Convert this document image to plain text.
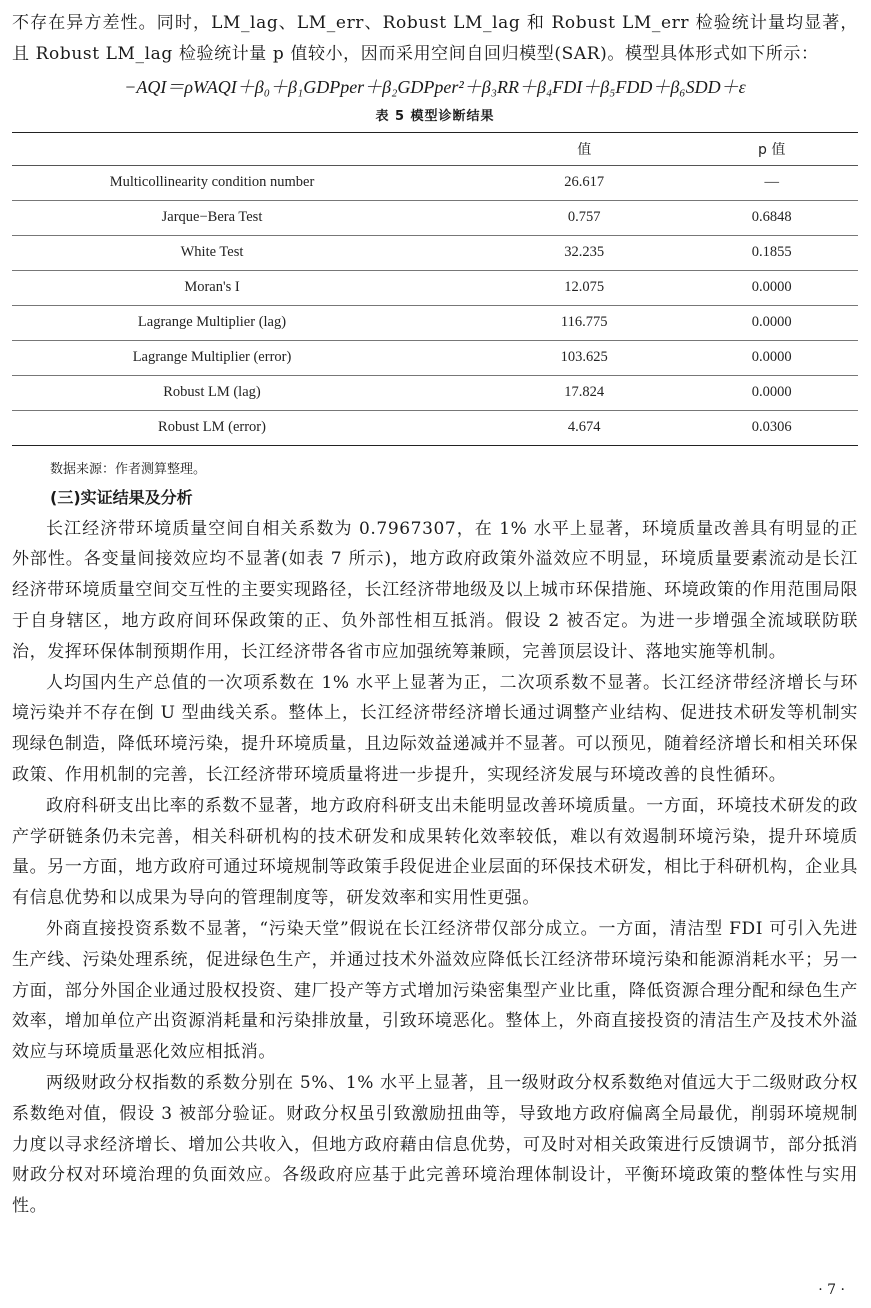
不存在异方差性。同时，LM_lag、LM_err、Robust LM_lag 和 Robust LM_err 检验统计量均显著，且 Robust LM_lag 检验统计量 p 值较小，因而采用空间自回归模型(SAR)。模型具体形式如下所示：

−AQI＝ρWAQI＋β₀＋β₁GDPper＋β₂GDPper²＋β₃RR＋β₄FDI＋β₅FDD＋β₆SDD＋ε
表 5 模型诊断结果
	值	p 值

Multicollinearity condition number	26.617	—

Jarque−Bera Test	0.757	0.6848

White Test	32.235	0.1855

Moran's I	12.075	0.0000

Lagrange Multiplier (lag)	116.775	0.0000

Lagrange Multiplier (error)	103.625	0.0000

Robust LM (lag)	17.824	0.0000

Robust LM (error)	4.674	0.0306
数据来源：作者测算整理。
(三)实证结果及分析

长江经济带环境质量空间自相关系数为 0.7967307，在 1% 水平上显著，环境质量改善具有明显的正外部性。各变量间接效应均不显著(如表 7 所示)，地方政府政策外溢效应不明显，环境质量要素流动是长江经济带环境质量空间交互性的主要实现路径，长江经济带地级及以上城市环保措施、环境政策的作用范围局限于自身辖区，地方政府间环保政策的正、负外部性相互抵消。假设 2 被否定。为进一步增强全流域联防联治，发挥环保体制预期作用，长江经济带各省市应加强统筹兼顾，完善顶层设计、落地实施等机制。

人均国内生产总值的一次项系数在 1% 水平上显著为正，二次项系数不显著。长江经济带经济增长与环境污染并不存在倒 U 型曲线关系。整体上，长江经济带经济增长通过调整产业结构、促进技术研发等机制实现绿色制造，降低环境污染，提升环境质量，且边际效益递减并不显著。可以预见，随着经济增长和相关环保政策、作用机制的完善，长江经济带环境质量将进一步提升，实现经济发展与环境改善的良性循环。

政府科研支出比率的系数不显著，地方政府科研支出未能明显改善环境质量。一方面，环境技术研发的政产学研链条仍未完善，相关科研机构的技术研发和成果转化效率较低，难以有效遏制环境污染，提升环境质量。另一方面，地方政府可通过环境规制等政策手段促进企业层面的环保技术研发，相比于科研机构，企业具有信息优势和以成果为导向的管理制度等，研发效率和实用性更强。

外商直接投资系数不显著，“污染天堂”假说在长江经济带仅部分成立。一方面，清洁型 FDI 可引入先进生产线、污染处理系统，促进绿色生产，并通过技术外溢效应降低长江经济带环境污染和能源消耗水平；另一方面，部分外国企业通过股权投资、建厂投产等方式增加污染密集型产业比重，降低资源合理分配和绿色生产效率，增加单位产出资源消耗量和污染排放量，引致环境恶化。整体上，外商直接投资的清洁生产及技术外溢效应与环境质量恶化效应相抵消。

两级财政分权指数的系数分别在 5%、1% 水平上显著，且一级财政分权系数绝对值远大于二级财政分权系数绝对值，假设 3 被部分验证。财政分权虽引致激励扭曲等，导致地方政府偏离全局最优，削弱环境规制力度以寻求经济增长、增加公共收入，但地方政府藉由信息优势，可及时对相关政策进行反馈调节，部分抵消财政分权对环境治理的负面效应。各级政府应基于此完善环境治理体制设计，平衡环境政策的整体性与实用性。

· 7 ·
